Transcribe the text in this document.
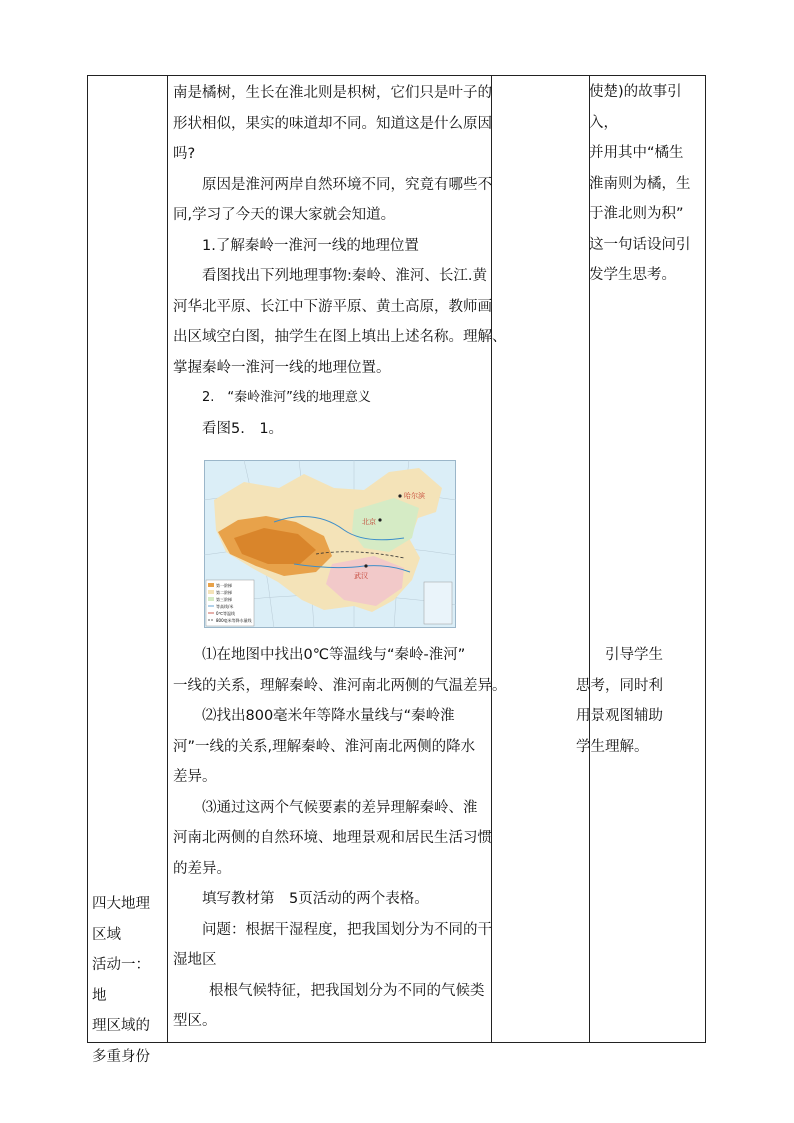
四大地理

区域

活动一：地

理区域的

多重身份

南是橘树，生长在淮北则是枳树，它们只是叶子的

形状相似，果实的味道却不同。知道这是什么原因

吗?

原因是淮河两岸自然环境不同，究竟有哪些不

同,学习了今天的课大家就会知道。

1.了解秦岭一淮河一线的地理位置

看图找出下列地理事物:秦岭、淮河、长江.黄

河华北平原、长江中下游平原、黄土高原，教师画

出区域空白图，抽学生在图上填出上述名称。理解、

掌握秦岭一淮河一线的地理位置。

2.　“秦岭淮河”线的地理意义

看图5.　1。

哈尔滨
北京
武汉
第一阶梯
第二阶梯
第三阶梯
等高线/米
0℃等温线
800毫米等降水量线

⑴在地图中找出0℃等温线与“秦岭-淮河”

一线的关系，理解秦岭、淮河南北两侧的气温差异。

⑵找出800毫米年等降水量线与“秦岭淮

河”一线的关系,理解秦岭、淮河南北两侧的降水

差异。

⑶通过这两个气候要素的差异理解秦岭、淮

河南北两侧的自然环境、地理景观和居民生活习惯

的差异。

填写教材第　5页活动的两个表格。

问题：根据干湿程度，把我国划分为不同的干

湿地区

根根气候特征，把我国划分为不同的气候类

型区。

引导学生

思考，同时利

用景观图辅助

学生理解。

使楚)的故事引入，

并用其中“橘生

淮南则为橘，生

于淮北则为积”

这一句话设问引

发学生思考。
